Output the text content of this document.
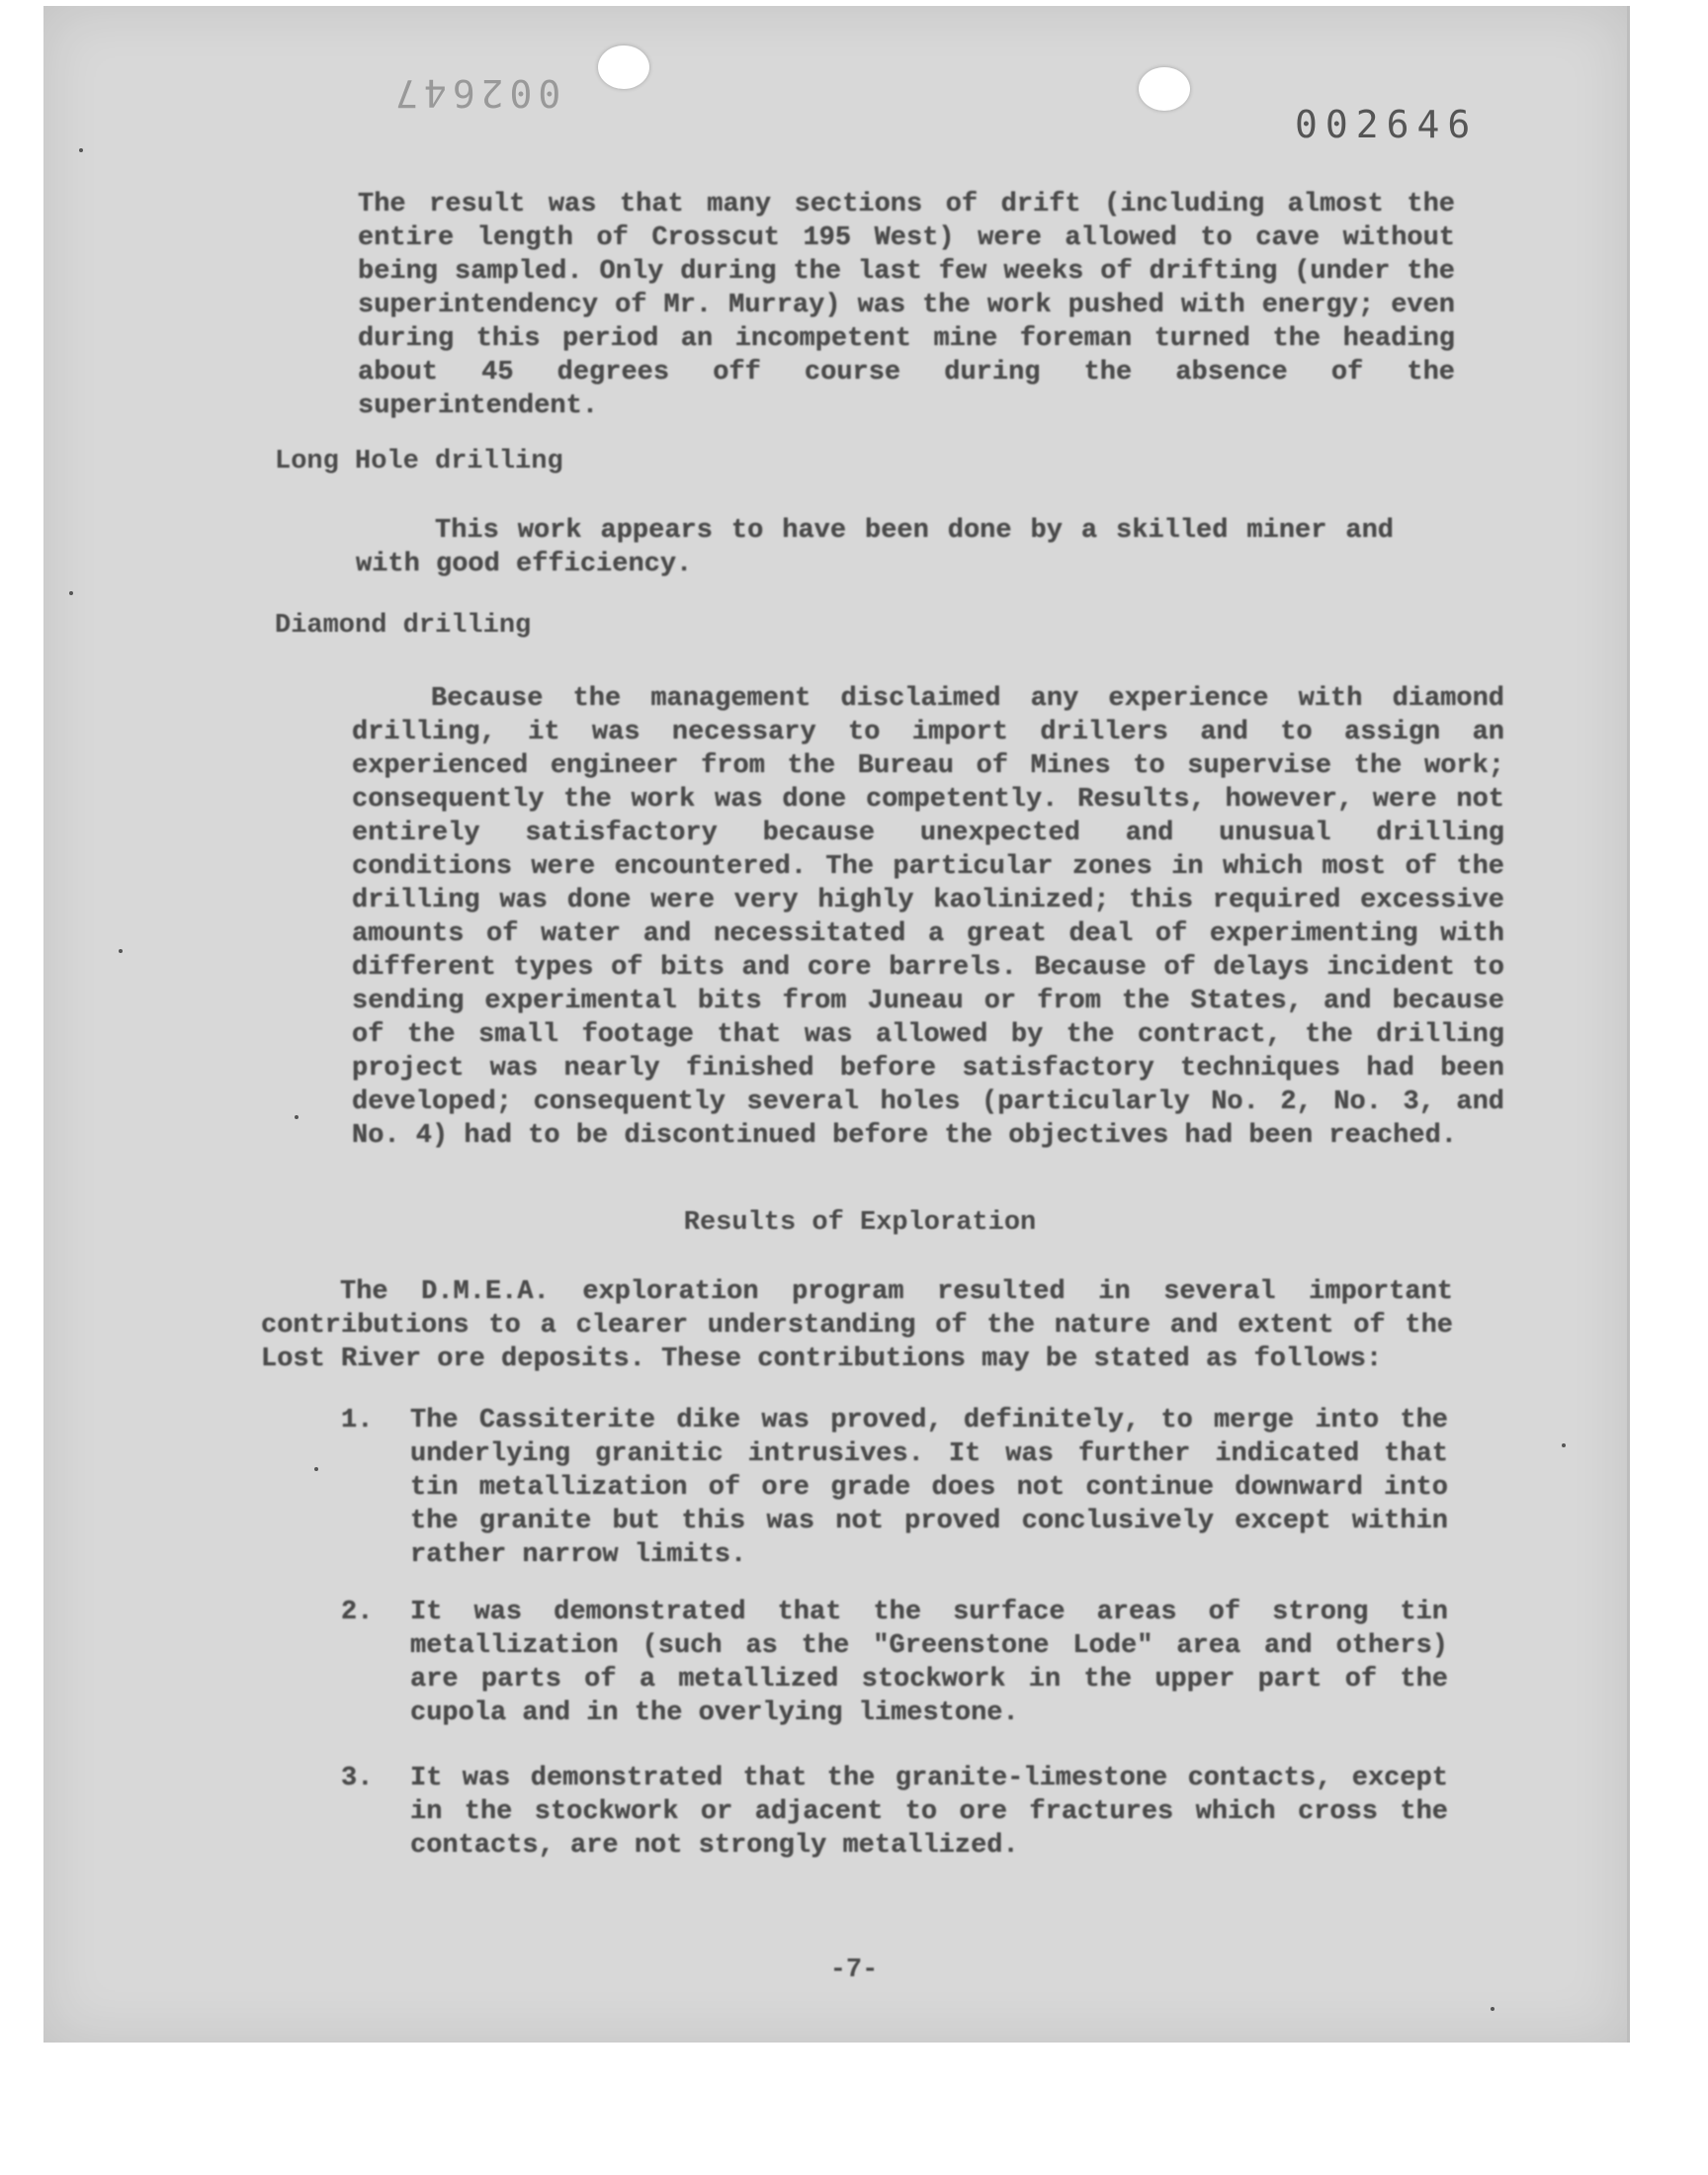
002647
002646

The result was that many sections of drift (including almost the entire length of Crosscut 195 West) were allowed to cave without being sampled. Only during the last few weeks of drifting (under the superintendency of Mr. Murray) was the work pushed with energy; even during this period an incompetent mine foreman turned the heading about 45 degrees off course during the absence of the superintendent.

Long Hole drilling

This work appears to have been done by a skilled miner and with good efficiency.

Diamond drilling

Because the management disclaimed any experience with diamond drilling, it was necessary to import drillers and to assign an experienced engineer from the Bureau of Mines to supervise the work; consequently the work was done competently. Results, however, were not entirely satisfactory because unexpected and unusual drilling conditions were encountered. The particular zones in which most of the drilling was done were very highly kaolinized; this required excessive amounts of water and necessitated a great deal of experimenting with different types of bits and core barrels. Because of delays incident to sending experimental bits from Juneau or from the States, and because of the small footage that was allowed by the contract, the drilling project was nearly finished before satisfactory techniques had been developed; consequently several holes (particularly No. 2, No. 3, and No. 4) had to be discontinued before the objectives had been reached.

Results of Exploration

The D.M.E.A. exploration program resulted in several important contributions to a clearer understanding of the nature and extent of the Lost River ore deposits. These contributions may be stated as follows:

1.	The Cassiterite dike was proved, definitely, to merge into the underlying granitic intrusives. It was further indicated that tin metallization of ore grade does not continue downward into the granite but this was not proved conclusively except within rather narrow limits.
2.	It was demonstrated that the surface areas of strong tin metallization (such as the "Greenstone Lode" area and others) are parts of a metallized stockwork in the upper part of the cupola and in the overlying limestone.
3.	It was demonstrated that the granite-limestone contacts, except in the stockwork or adjacent to ore fractures which cross the contacts, are not strongly metallized.
-7-
